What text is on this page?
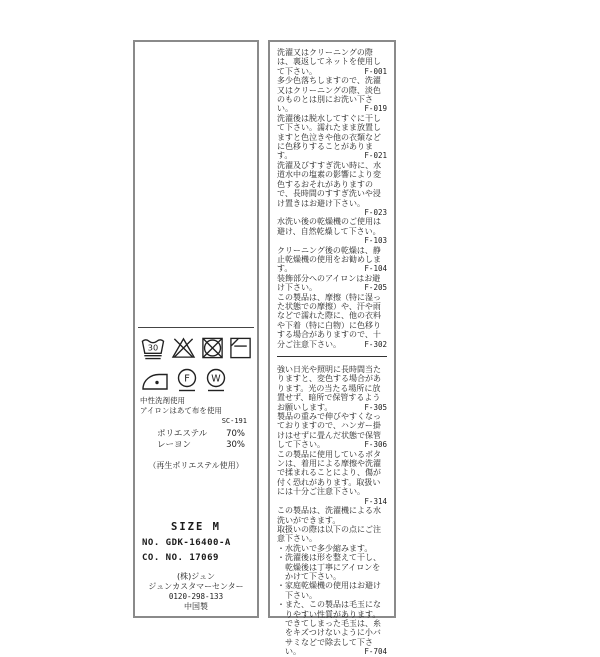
30
F W
中性洗剤使用
アイロンはあて布を使用
SC-191
ポリエステル 70%
レーヨン	30%
（再生ポリエステル使用）
SIZE M
NO. GDK-16400-A
CO. NO. 17069
(株)ジュン
ジュンカスタマーセンター
0120-298-133
中国製

洗濯又はクリーニングの際は、裏返してネットを使用して下さい。	F-001

多少色落ちしますので、洗濯又はクリーニングの際、淡色のものとは別にお洗い下さい。	F-019

洗濯後は脱水してすぐに干して下さい。濡れたまま放置しますと色泣きや他の衣類などに色移りすることがあります。	F-021

洗濯及びすすぎ洗い時に、水道水中の塩素の影響により変色するおそれがありますので、長時間のすすぎ洗いや浸け置きはお避け下さい。
F-023

水洗い後の乾燥機のご使用は避け、自然乾燥して下さい。
F-103

クリーニング後の乾燥は、静止乾燥機の使用をお勧めします。	F-104

装飾部分へのアイロンはお避け下さい。	F-205

この製品は、摩擦（特に湿った状態での摩擦）や、汗や雨などで濡れた際に、他の衣料や下着（特に白物）に色移りする場合がありますので、十分ご注意下さい。	F-302

強い日光や照明に長時間当たりますと、変色する場合があります。光の当たる場所に放置せず、暗所で保管するようお願いします。	F-305

製品の重みで伸びやすくなっておりますので、ハンガー掛けはせずに畳んだ状態で保管して下さい。	F-306

この製品に使用しているボタンは、着用による摩擦や洗濯で揉まれることにより、傷が付く恐れがあります。取扱いには十分ご注意下さい。
F-314

この製品は、洗濯機による水洗いができます。

取扱いの際は以下の点にご注意下さい。

・水洗いで多少縮みます。

・洗濯後は形を整えて干し、乾燥後は丁寧にアイロンをかけて下さい。

・家庭乾燥機の使用はお避け下さい。

・また、この製品は毛玉になりやすい性質があります。できてしまった毛玉は、糸をキズつけないように小バサミなどで除去して下さい。	F-704
